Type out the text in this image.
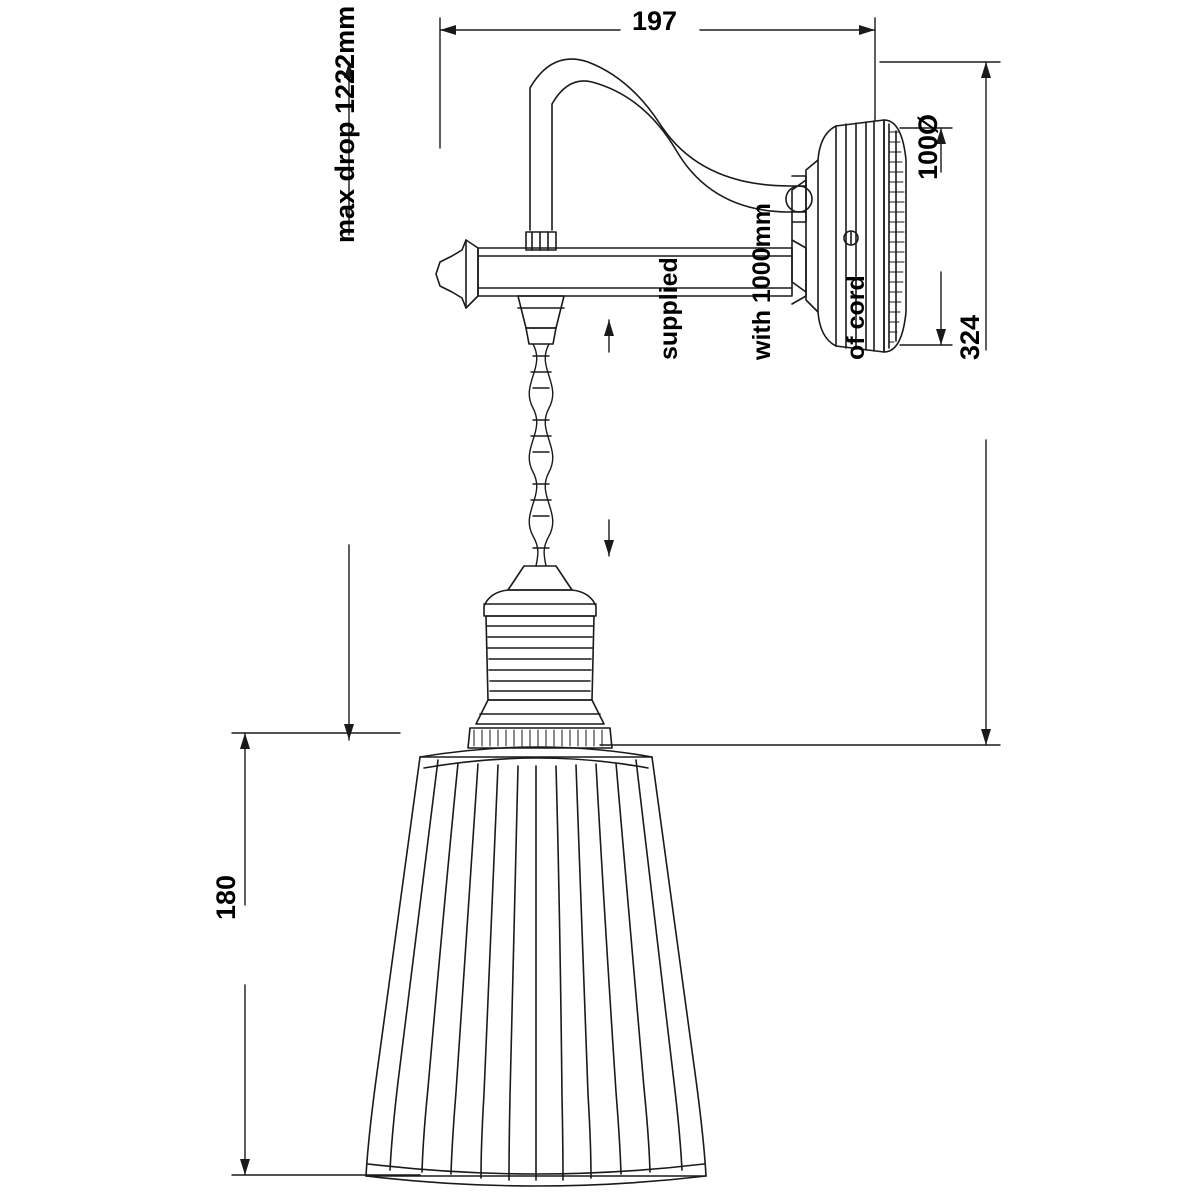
197
324
100Ø
max drop 1222mm
180

supplied

	with 1000mm

	of cord
